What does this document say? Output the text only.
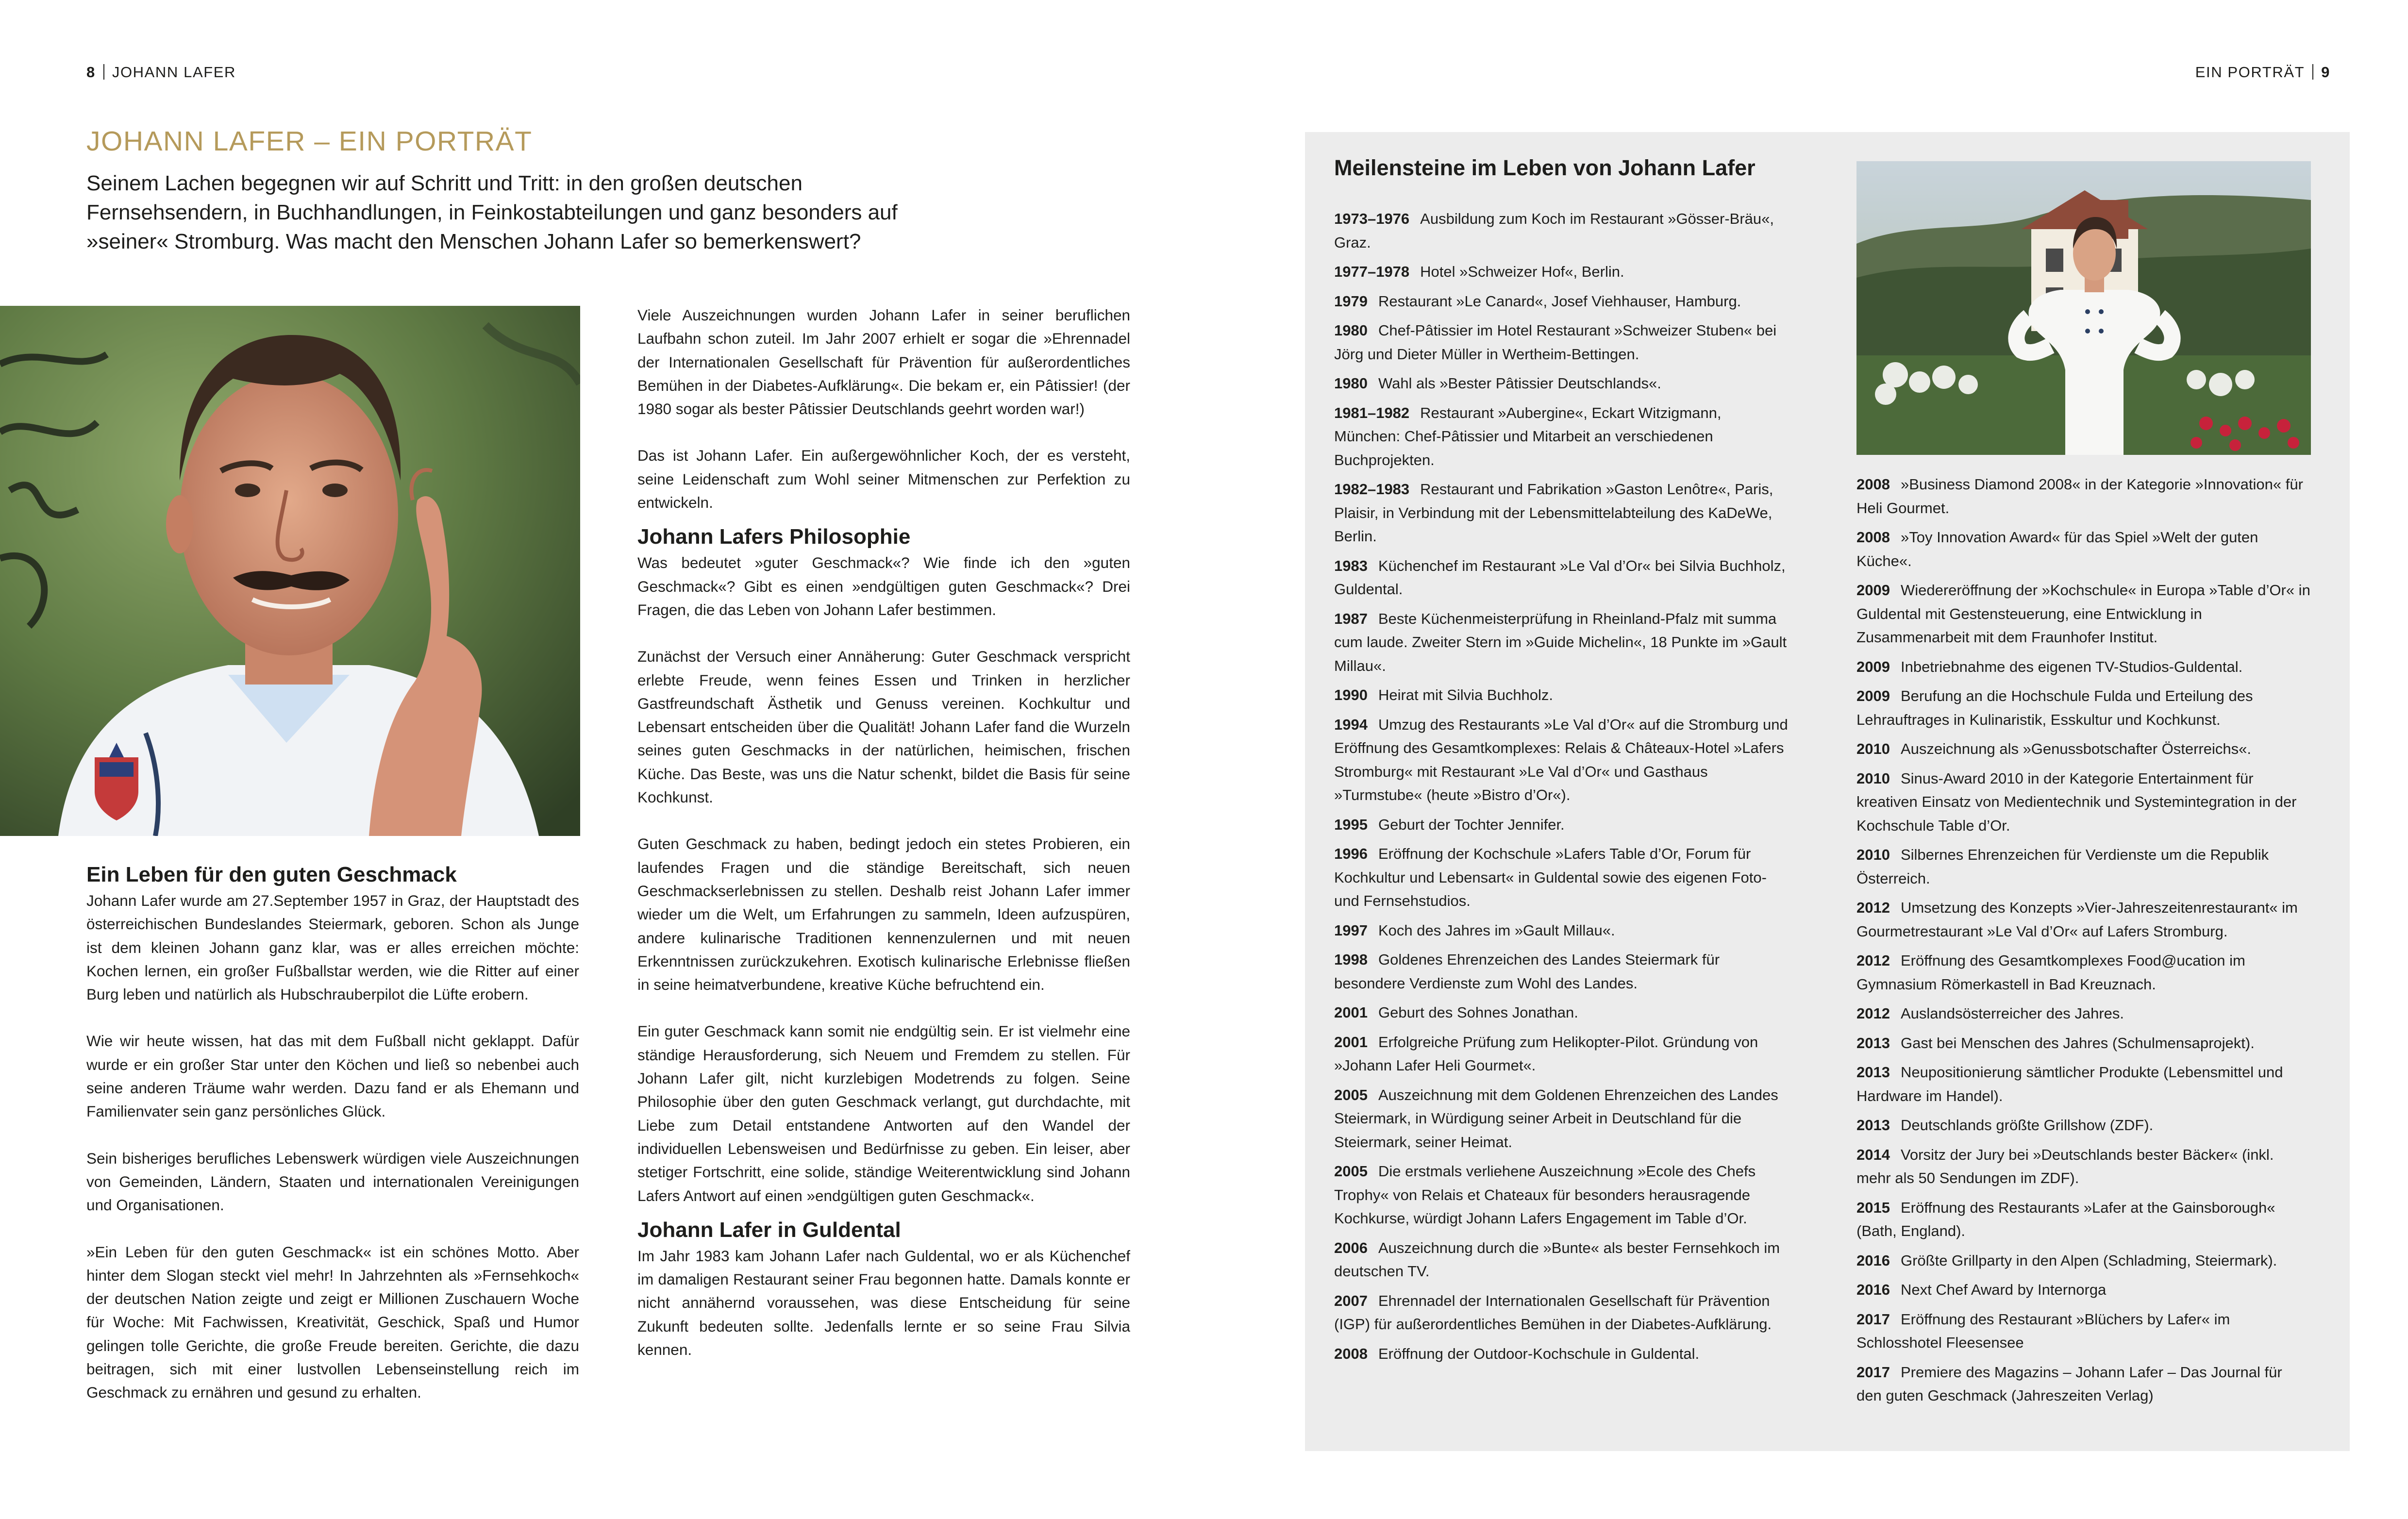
8 JOHANN LAFER	EIN PORTRÄT 9
JOHANN LAFER – EIN PORTRÄT

Seinem Lachen begegnen wir auf Schritt und Tritt: in den großen deutschen Fernsehsendern, in Buchhandlungen, in Feinkostabteilungen und ganz besonders auf »seiner« Stromburg. Was macht den Menschen Johann Lafer so bemerkenswert?

Ein Leben für den guten Geschmack

Johann Lafer wurde am 27.September 1957 in Graz, der Hauptstadt des österreichischen Bundeslandes Steiermark, geboren. Schon als Junge ist dem kleinen Johann ganz klar, was er alles erreichen möchte: Kochen lernen, ein großer Fußballstar werden, wie die Ritter auf einer Burg leben und natürlich als Hubschrauberpilot die Lüfte erobern.

Wie wir heute wissen, hat das mit dem Fußball nicht geklappt. Dafür wurde er ein großer Star unter den Köchen und ließ so nebenbei auch seine anderen Träume wahr werden. Dazu fand er als Ehemann und Familienvater sein ganz persönliches Glück.

Sein bisheriges berufliches Lebenswerk würdigen viele Auszeichnungen von Gemeinden, Ländern, Staaten und internationalen Vereinigungen und Organisationen.

»Ein Leben für den guten Geschmack« ist ein schönes Motto. Aber hinter dem Slogan steckt viel mehr! In Jahrzehnten als »Fernsehkoch« der deutschen Nation zeigte und zeigt er Millionen Zuschauern Woche für Woche: Mit Fachwissen, Kreativität, Geschick, Spaß und Humor gelingen tolle Gerichte, die große Freude bereiten. Gerichte, die dazu beitragen, sich mit einer lustvollen Lebenseinstellung reich im Geschmack zu ernähren und gesund zu erhalten.

Viele Auszeichnungen wurden Johann Lafer in seiner beruflichen Laufbahn schon zuteil. Im Jahr 2007 erhielt er sogar die »Ehrennadel der Internationalen Gesellschaft für Prävention für außerordentliches Bemühen in der Diabetes-Aufklärung«. Die bekam er, ein Pâtissier! (der 1980 sogar als bester Pâtissier Deutschlands geehrt worden war!)

Das ist Johann Lafer. Ein außergewöhnlicher Koch, der es versteht, seine Leidenschaft zum Wohl seiner Mitmenschen zur Perfektion zu entwickeln.

Johann Lafers Philosophie

Was bedeutet »guter Geschmack«? Wie finde ich den »guten Geschmack«? Gibt es einen »endgültigen guten Geschmack«? Drei Fragen, die das Leben von Johann Lafer bestimmen.

Zunächst der Versuch einer Annäherung: Guter Geschmack verspricht erlebte Freude, wenn feines Essen und Trinken in herzlicher Gastfreundschaft Ästhetik und Genuss vereinen. Kochkultur und Lebensart entscheiden über die Qualität! Johann Lafer fand die Wurzeln seines guten Geschmacks in der natürlichen, heimischen, frischen Küche. Das Beste, was uns die Natur schenkt, bildet die Basis für seine Kochkunst.

Guten Geschmack zu haben, bedingt jedoch ein stetes Probieren, ein laufendes Fragen und die ständige Bereitschaft, sich neuen Geschmackserlebnissen zu stellen. Deshalb reist Johann Lafer immer wieder um die Welt, um Erfahrungen zu sammeln, Ideen aufzuspüren, andere kulinarische Traditionen kennenzulernen und mit neuen Erkenntnissen zurückzukehren. Exotisch kulinarische Erlebnisse fließen in seine heimatverbundene, kreative Küche befruchtend ein.

Ein guter Geschmack kann somit nie endgültig sein. Er ist vielmehr eine ständige Herausforderung, sich Neuem und Fremdem zu stellen. Für Johann Lafer gilt, nicht kurzlebigen Modetrends zu folgen. Seine Philosophie über den guten Geschmack verlangt, gut durchdachte, mit Liebe zum Detail entstandene Antworten auf den Wandel der individuellen Lebensweisen und Bedürfnisse zu geben. Ein leiser, aber stetiger Fortschritt, eine solide, ständige Weiterentwicklung sind Johann Lafers Antwort auf einen »endgültigen guten Geschmack«.

Johann Lafer in Guldental

Im Jahr 1983 kam Johann Lafer nach Guldental, wo er als Küchenchef im damaligen Restaurant seiner Frau begonnen hatte. Damals konnte er nicht annähernd voraussehen, was diese Entscheidung für seine Zukunft bedeuten sollte. Jedenfalls lernte er so seine Frau Silvia kennen.

Meilensteine im Leben von Johann Lafer

1973–1976 Ausbildung zum Koch im Restaurant »Gösser-Bräu«, Graz.

1977–1978 Hotel »Schweizer Hof«, Berlin.

1979 Restaurant »Le Canard«, Josef Viehhauser, Hamburg.

1980 Chef-Pâtissier im Hotel Restaurant »Schweizer Stuben« bei Jörg und Dieter Müller in Wertheim-Bettingen.

1980 Wahl als »Bester Pâtissier Deutschlands«.

1981–1982 Restaurant »Aubergine«, Eckart Witzigmann, München: Chef-Pâtissier und Mitarbeit an verschiedenen Buchprojekten.

1982–1983 Restaurant und Fabrikation »Gaston Lenôtre«, Paris, Plaisir, in Verbindung mit der Lebensmittelabteilung des KaDeWe, Berlin.

1983 Küchenchef im Restaurant »Le Val d’Or« bei Silvia Buchholz, Guldental.

1987 Beste Küchenmeisterprüfung in Rheinland-Pfalz mit summa cum laude. Zweiter Stern im »Guide Michelin«, 18 Punkte im »Gault Millau«.

1990 Heirat mit Silvia Buchholz.

1994 Umzug des Restaurants »Le Val d’Or« auf die Stromburg und Eröffnung des Gesamtkomplexes: Relais & Châteaux-Hotel »Lafers Stromburg« mit Restaurant »Le Val d’Or« und Gasthaus »Turmstube« (heute »Bistro d’Or«).

1995 Geburt der Tochter Jennifer.

1996 Eröffnung der Kochschule »Lafers Table d’Or, Forum für Kochkultur und Lebensart« in Guldental sowie des eigenen Foto- und Fernsehstudios.

1997 Koch des Jahres im »Gault Millau«.

1998 Goldenes Ehrenzeichen des Landes Steiermark für besondere Verdienste zum Wohl des Landes.

2001 Geburt des Sohnes Jonathan.

2001 Erfolgreiche Prüfung zum Helikopter-Pilot. Gründung von »Johann Lafer Heli Gourmet«.

2005 Auszeichnung mit dem Goldenen Ehrenzeichen des Landes Steiermark, in Würdigung seiner Arbeit in Deutschland für die Steiermark, seiner Heimat.

2005 Die erstmals verliehene Auszeichnung »Ecole des Chefs Trophy« von Relais et Chateaux für besonders herausragende Kochkurse, würdigt Johann Lafers Engagement im Table d’Or.

2006 Auszeichnung durch die »Bunte« als bester Fernsehkoch im deutschen TV.

2007 Ehrennadel der Internationalen Gesellschaft für Prävention (IGP) für außerordentliches Bemühen in der Diabetes-Aufklärung.

2008 Eröffnung der Outdoor-Kochschule in Guldental.

2008 »Business Diamond 2008« in der Kategorie »Innovation« für Heli Gourmet.

2008 »Toy Innovation Award« für das Spiel »Welt der guten Küche«.

2009 Wiedereröffnung der »Kochschule« in Europa »Table d’Or« in Guldental mit Gestensteuerung, eine Entwicklung in Zusammenarbeit mit dem Fraunhofer Institut.

2009 Inbetriebnahme des eigenen TV-Studios-Guldental.

2009 Berufung an die Hochschule Fulda und Erteilung des Lehrauftrages in Kulinaristik, Esskultur und Kochkunst.

2010 Auszeichnung als »Genussbotschafter Österreichs«.

2010 Sinus-Award 2010 in der Kategorie Entertainment für kreativen Einsatz von Medientechnik und Systemintegration in der Kochschule Table d’Or.

2010 Silbernes Ehrenzeichen für Verdienste um die Republik Österreich.

2012 Umsetzung des Konzepts »Vier-Jahreszeitenrestaurant« im Gourmetrestaurant »Le Val d’Or« auf Lafers Stromburg.

2012 Eröffnung des Gesamtkomplexes Food@ucation im Gymnasium Römerkastell in Bad Kreuznach.

2012 Auslandsösterreicher des Jahres.

2013 Gast bei Menschen des Jahres (Schulmensaprojekt).

2013 Neupositionierung sämtlicher Produkte (Lebensmittel und Hardware im Handel).

2013 Deutschlands größte Grillshow (ZDF).

2014 Vorsitz der Jury bei »Deutschlands bester Bäcker« (inkl. mehr als 50 Sendungen im ZDF).

2015 Eröffnung des Restaurants »Lafer at the Gainsborough« (Bath, England).

2016 Größte Grillparty in den Alpen (Schladming, Steiermark).

2016 Next Chef Award by Internorga

2017 Eröffnung des Restaurant »Blüchers by Lafer« im Schlosshotel Fleesensee

2017 Premiere des Magazins – Johann Lafer – Das Journal für den guten Geschmack (Jahreszeiten Verlag)
